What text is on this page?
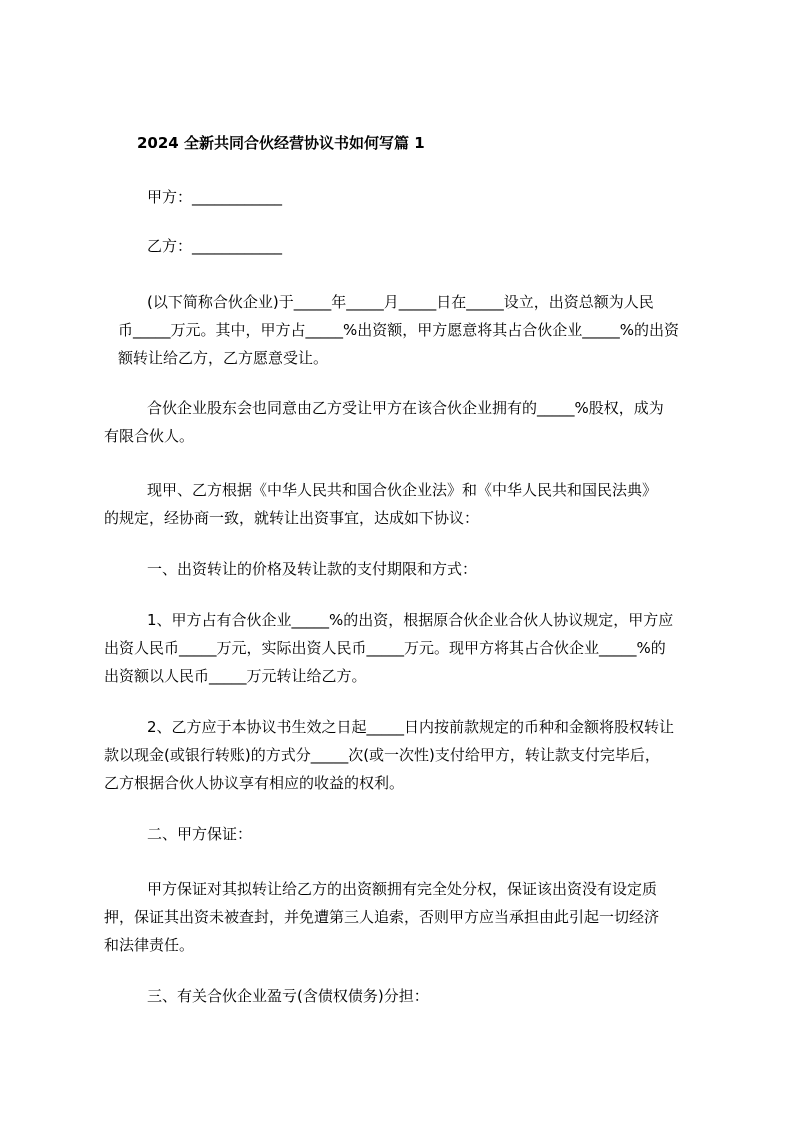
2024 全新共同合伙经营协议书如何写篇 1
甲方：____________
乙方：____________
(以下简称合伙企业)于_____年_____月_____日在_____设立，出资总额为人民
币_____万元。其中，甲方占_____%出资额，甲方愿意将其占合伙企业_____%的出资
额转让给乙方，乙方愿意受让。
合伙企业股东会也同意由乙方受让甲方在该合伙企业拥有的_____%股权，成为
有限合伙人。
现甲、乙方根据《中华人民共和国合伙企业法》和《中华人民共和国民法典》
的规定，经协商一致，就转让出资事宜，达成如下协议：
一、出资转让的价格及转让款的支付期限和方式：
1、甲方占有合伙企业_____%的出资，根据原合伙企业合伙人协议规定，甲方应
出资人民币_____万元，实际出资人民币_____万元。现甲方将其占合伙企业_____%的
出资额以人民币_____万元转让给乙方。
2、乙方应于本协议书生效之日起_____日内按前款规定的币种和金额将股权转让
款以现金(或银行转账)的方式分_____次(或一次性)支付给甲方，转让款支付完毕后，
乙方根据合伙人协议享有相应的收益的权利。
二、甲方保证：
甲方保证对其拟转让给乙方的出资额拥有完全处分权，保证该出资没有设定质
押，保证其出资未被查封，并免遭第三人追索，否则甲方应当承担由此引起一切经济
和法律责任。
三、有关合伙企业盈亏(含债权债务)分担：
